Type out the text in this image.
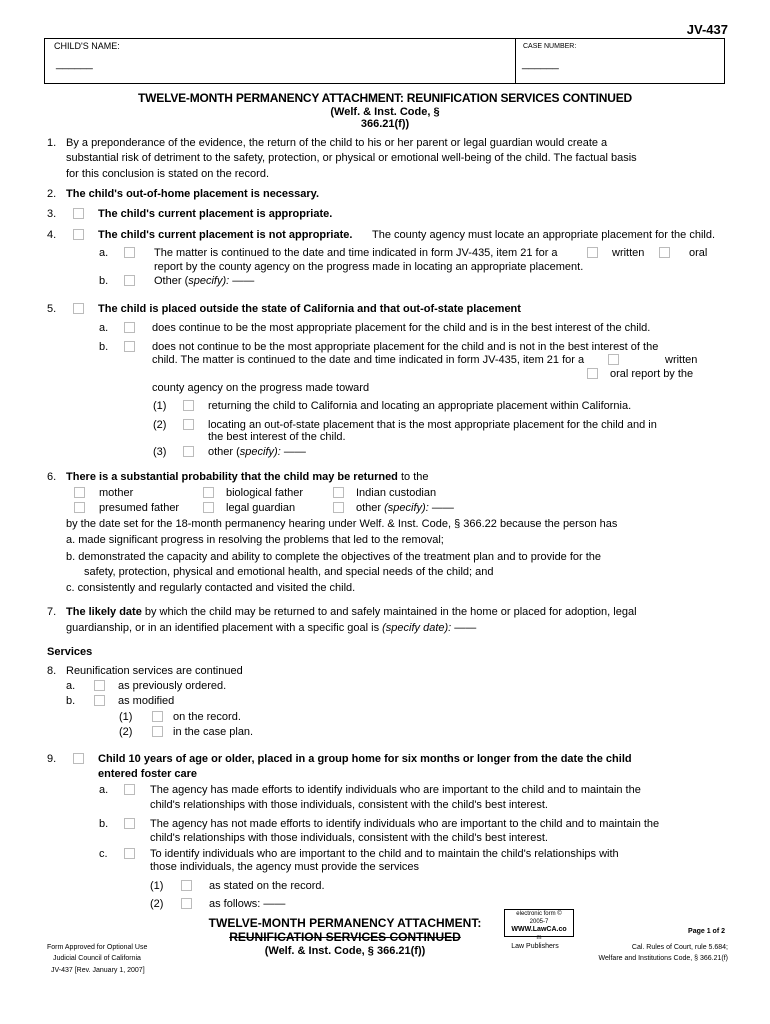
JV-437
CHILD'S NAME:
______
CASE NUMBER:
______
TWELVE-MONTH PERMANENCY ATTACHMENT: REUNIFICATION SERVICES CONTINUED
(Welf. & Inst. Code, §
366.21(f))
1. By a preponderance of the evidence, the return of the child to his or her parent or legal guardian would create a
substantial risk of detriment to the safety, protection, or physical or emotional well-being of the child. The factual basis
for this conclusion is stated on the record.
2. The child's out-of-home placement is necessary.
3.	The child's current placement is appropriate.
4.	The child's current placement is not appropriate. The county agency must locate an appropriate placement for the child.
a.	The matter is continued to the date and time indicated in form JV-435, item 21 for a	written	oral
report by the county agency on the progress made in locating an appropriate placement.
b.	Other (specify): ——
5.	The child is placed outside the state of California and that out-of-state placement
a.	does continue to be the most appropriate placement for the child and is in the best interest of the child.
b.	does not continue to be the most appropriate placement for the child and is not in the best interest of the
child. The matter is continued to the date and time indicated in form JV-435, item 21 for a	written
oral report by the
county agency on the progress made toward
(1)	returning the child to California and locating an appropriate placement within California.
(2)	locating an out-of-state placement that is the most appropriate placement for the child and in
the best interest of the child.
(3)	other (specify): ——
6. There is a substantial probability that the child may be returned to the
mother	biological father	Indian custodian
presumed father	legal guardian	other (specify): ——
by the date set for the 18-month permanency hearing under Welf. & Inst. Code, § 366.22 because the person has
a. made significant progress in resolving the problems that led to the removal;
b. demonstrated the capacity and ability to complete the objectives of the treatment plan and to provide for the
safety, protection, physical and emotional health, and special needs of the child; and
c. consistently and regularly contacted and visited the child.
7. The likely date by which the child may be returned to and safely maintained in the home or placed for adoption, legal
guardianship, or in an identified placement with a specific goal is (specify date): ——
Services
8. Reunification services are continued
a.	as previously ordered.
b.	as modified
(1)	on the record.
(2)	in the case plan.
9.	Child 10 years of age or older, placed in a group home for six months or longer from the date the child
entered foster care
a.	The agency has made efforts to identify individuals who are important to the child and to maintain the
child's relationships with those individuals, consistent with the child's best interest.
b.	The agency has not made efforts to identify individuals who are important to the child and to maintain the
child's relationships with those individuals, consistent with the child's best interest.
c.	To identify individuals who are important to the child and to maintain the child's relationships with
those individuals, the agency must provide the services
(1)	as stated on the record.
(2)	as follows: ——
TWELVE-MONTH PERMANENCY ATTACHMENT:
REUNIFICATION SERVICES CONTINUED
(Welf. & Inst. Code, § 366.21(f))
electronic form ©
2005-7
WWW.LawCA.co
m
Law Publishers
Page 1 of 2
Form Approved for Optional Use
Judicial Council of California
JV-437 [Rev. January 1, 2007]
Cal. Rules of Court, rule 5.684;
Welfare and Institutions Code, § 366.21(f)
